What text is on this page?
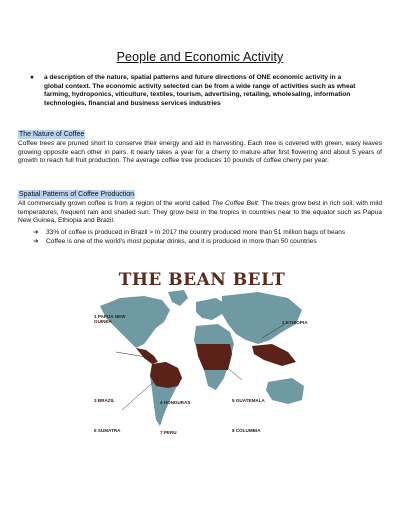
People and Economic Activity
● a description of the nature, spatial patterns and future directions of ONE economic activity in a global context. The economic activity selected can be from a wide range of activities such as wheat farming, hydroponics, viticulture, textiles, tourism, advertising, retailing, wholesaling, information technologies, financial and business services industries
The Nature of Coffee
Coffee trees are pruned short to conserve their energy and aid in harvesting. Each tree is covered with green, waxy leaves growing opposite each other in pairs. It nearly takes a year for a cherry to mature after first flowering and about 5 years of growth to reach full fruit production. The average coffee tree produces 10 pounds of coffee cherry per year.
Spatial Patterns of Coffee Production
All commercially grown coffee is from a region of the world called The Coffee Belt. The trees grow best in rich soil, with mild temperatures, frequent rain and shaded sun. They grow best in the tropics in countries near to the equator such as Papua New Guinea, Ethiopia and Brazil.
➔ 33% of coffee is produced in Brazil > In 2017 the country produced more than 51 million bags of beans
➔ Coffee is one of the world’s most popular drinks, and it is produced in more than 50 countries
THE BEAN BELT
1 PAPUA NEW GUINEA	2 ETHIOPIA
3 BRAZIL	4 HONDURAS	5 GUATEMALA
6 SUMATRA	7 PERU	8 COLUMBIA
